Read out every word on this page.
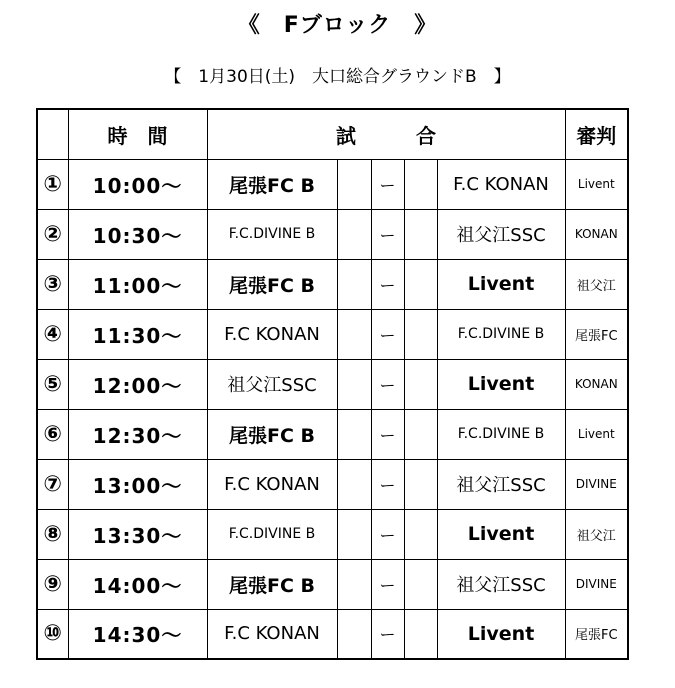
《　Fブロック　》
【　1月30日(土)　大口総合グラウンドB　】
	時　間	試　　　合					審判
①	10:00〜	尾張FC B		ー		F.C KONAN	Livent
②	10:30〜	F.C.DIVINE B		ー		祖父江SSC	KONAN
③	11:00〜	尾張FC B		ー		Livent	祖父江
④	11:30〜	F.C KONAN		ー		F.C.DIVINE B	尾張FC
⑤	12:00〜	祖父江SSC		ー		Livent	KONAN
⑥	12:30〜	尾張FC B		ー		F.C.DIVINE B	Livent
⑦	13:00〜	F.C KONAN		ー		祖父江SSC	DIVINE
⑧	13:30〜	F.C.DIVINE B		ー		Livent	祖父江
⑨	14:00〜	尾張FC B		ー		祖父江SSC	DIVINE
⑩	14:30〜	F.C KONAN		ー		Livent	尾張FC
